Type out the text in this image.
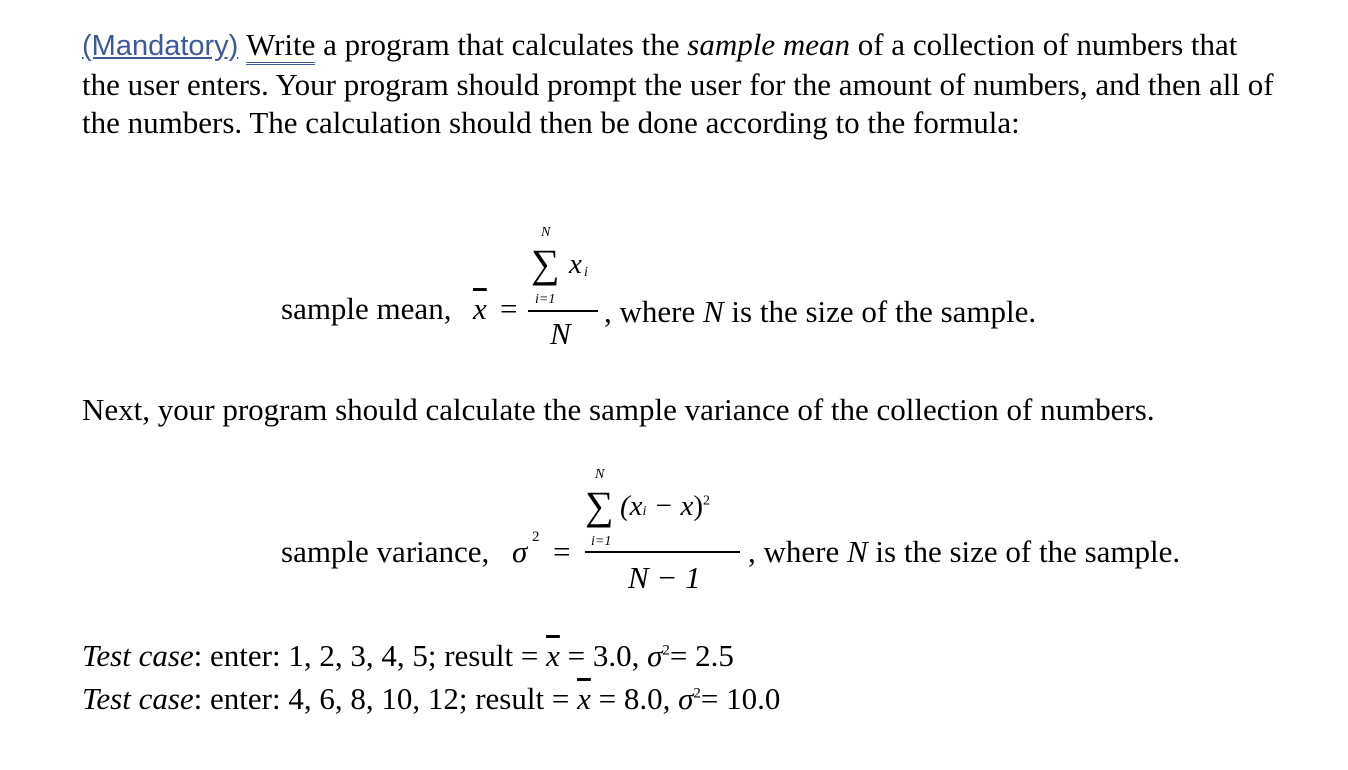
(Mandatory) Write a program that calculates the sample mean of a collection of numbers that the user enters. Your program should prompt the user for the amount of numbers, and then all of the numbers. The calculation should then be done according to the formula:
sample mean, $\overline{x}$ =
N
∑ x i
i=1
N
, where N is the size of the sample.
Next, your program should calculate the sample variance of the collection of numbers.
sample variance, σ 2 =
N
∑ (xi − x)$^2$
i=1
N − 1
, where N is the size of the sample.
Test case: enter: 1, 2, 3, 4, 5; result = $\overline{x} = 3.0$, $\sigma^2= 2.5$
Test case: enter: 4, 6, 8, 10, 12; result = $\overline{x} = 8.0$, $\sigma^2= 10.0$
